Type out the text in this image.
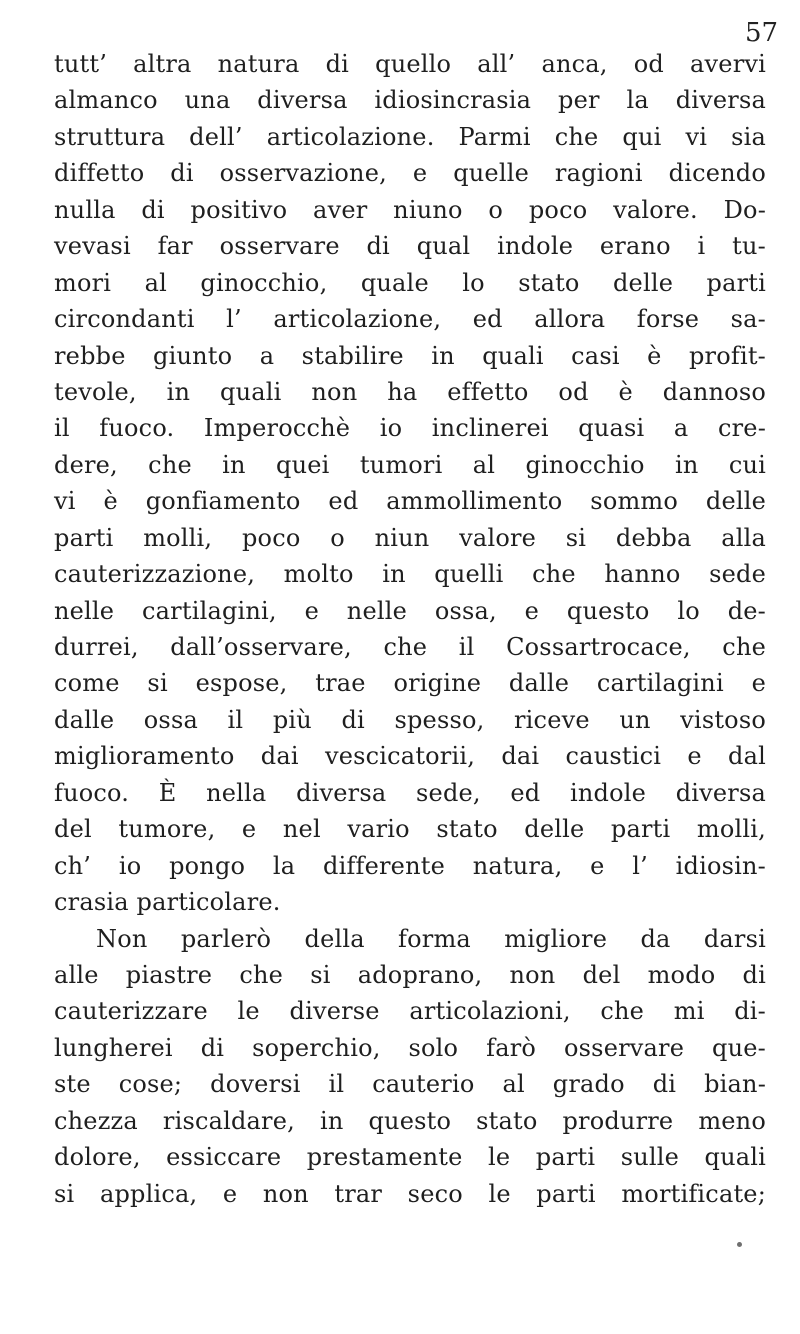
57
tutt’ altra natura di quello all’ anca, od avervi
almanco una diversa idiosincrasia per la diversa
struttura dell’ articolazione. Parmi che qui vi sia
diffetto di osservazione, e quelle ragioni dicendo
nulla di positivo aver niuno o poco valore. Do-
vevasi far osservare di qual indole erano i tu-
mori al ginocchio, quale lo stato delle parti
circondanti l’ articolazione, ed allora forse sa-
rebbe giunto a stabilire in quali casi è profit-
tevole, in quali non ha effetto od è dannoso
il fuoco. Imperocchè io inclinerei quasi a cre-
dere, che in quei tumori al ginocchio in cui
vi è gonfiamento ed ammollimento sommo delle
parti molli, poco o niun valore si debba alla
cauterizzazione, molto in quelli che hanno sede
nelle cartilagini, e nelle ossa, e questo lo de-
durrei, dall’osservare, che il Cossartrocace, che
come si espose, trae origine dalle cartilagini e
dalle ossa il più di spesso, riceve un vistoso
miglioramento dai vescicatorii, dai caustici e dal
fuoco. È nella diversa sede, ed indole diversa
del tumore, e nel vario stato delle parti molli,
ch’ io pongo la differente natura, e l’ idiosin-
crasia particolare.
Non parlerò della forma migliore da darsi
alle piastre che si adoprano, non del modo di
cauterizzare le diverse articolazioni, che mi di-
lungherei di soperchio, solo farò osservare que-
ste cose; doversi il cauterio al grado di bian-
chezza riscaldare, in questo stato produrre meno
dolore, essiccare prestamente le parti sulle quali
si applica, e non trar seco le parti mortificate;
